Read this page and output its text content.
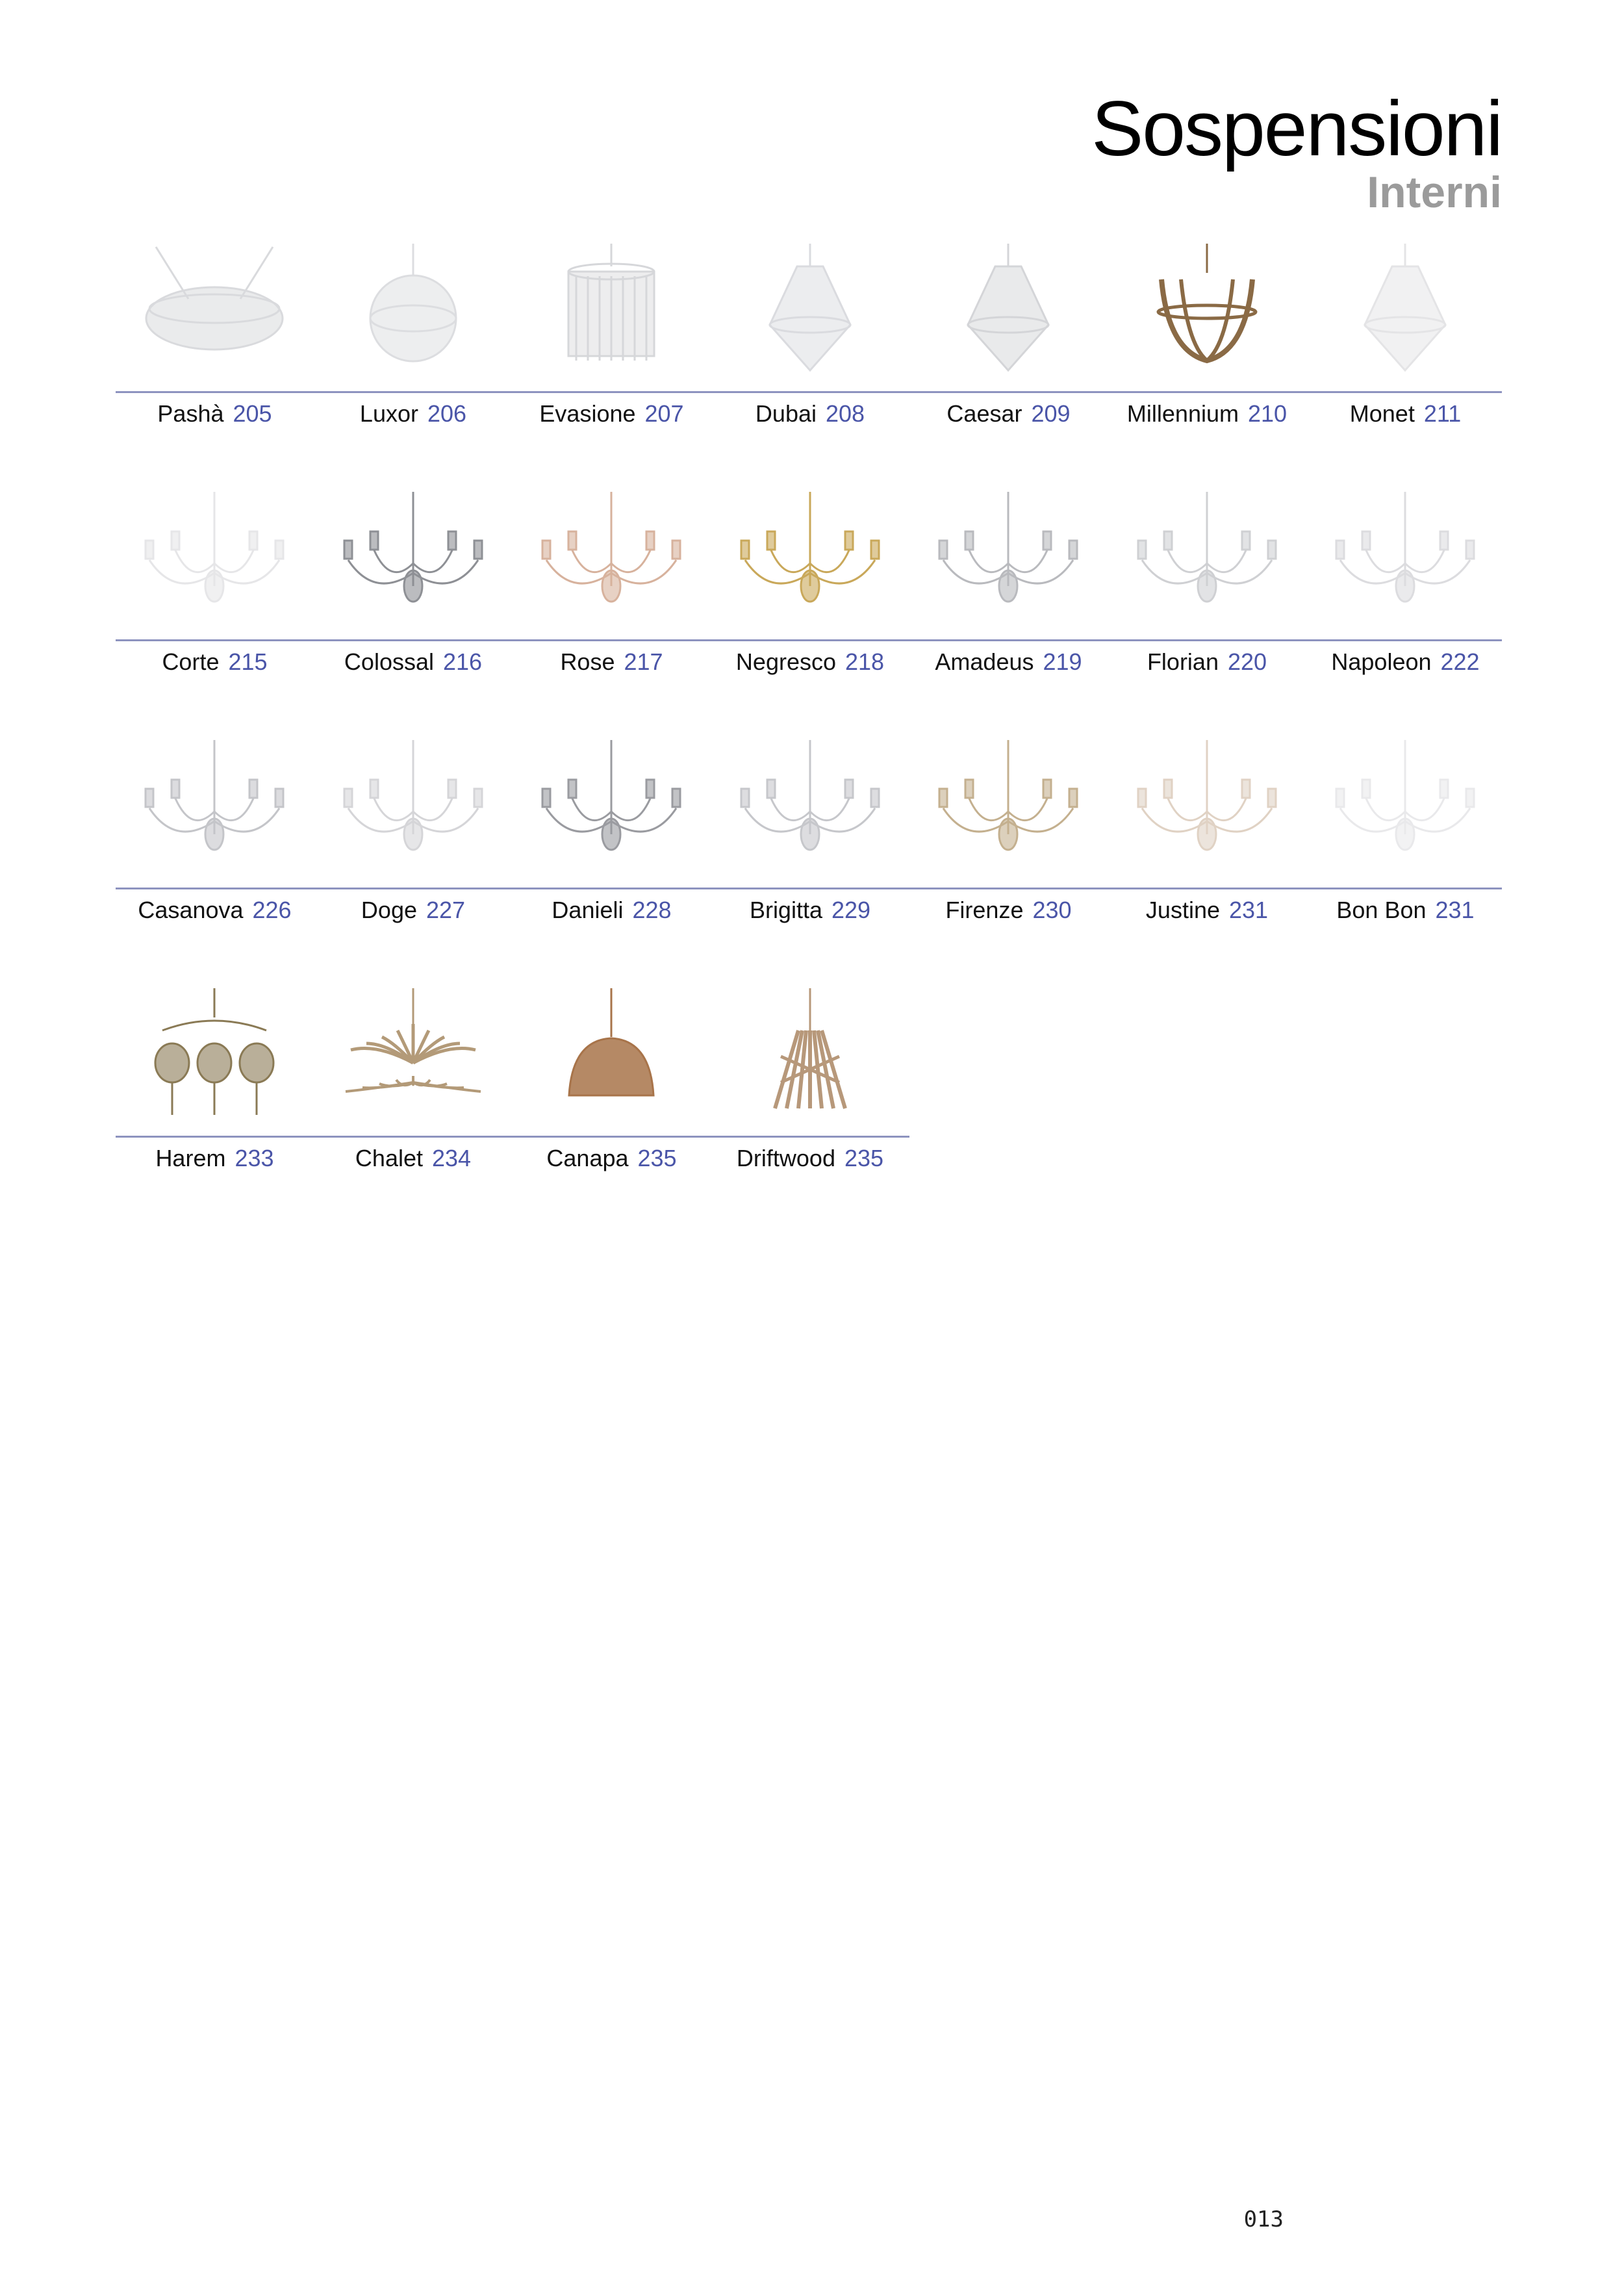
Sospensioni
Interni
Pashà 205	Luxor 206	Evasione 207	Dubai 208	Caesar 209	Millennium 210	Monet 211
Corte 215	Colossal 216	Rose 217	Negresco 218	Amadeus 219	Florian 220	Napoleon 222
Casanova 226	Doge 227	Danieli 228	Brigitta 229	Firenze 230	Justine 231	Bon Bon 231
Harem 233	Chalet 234	Canapa 235	Driftwood 235
013
